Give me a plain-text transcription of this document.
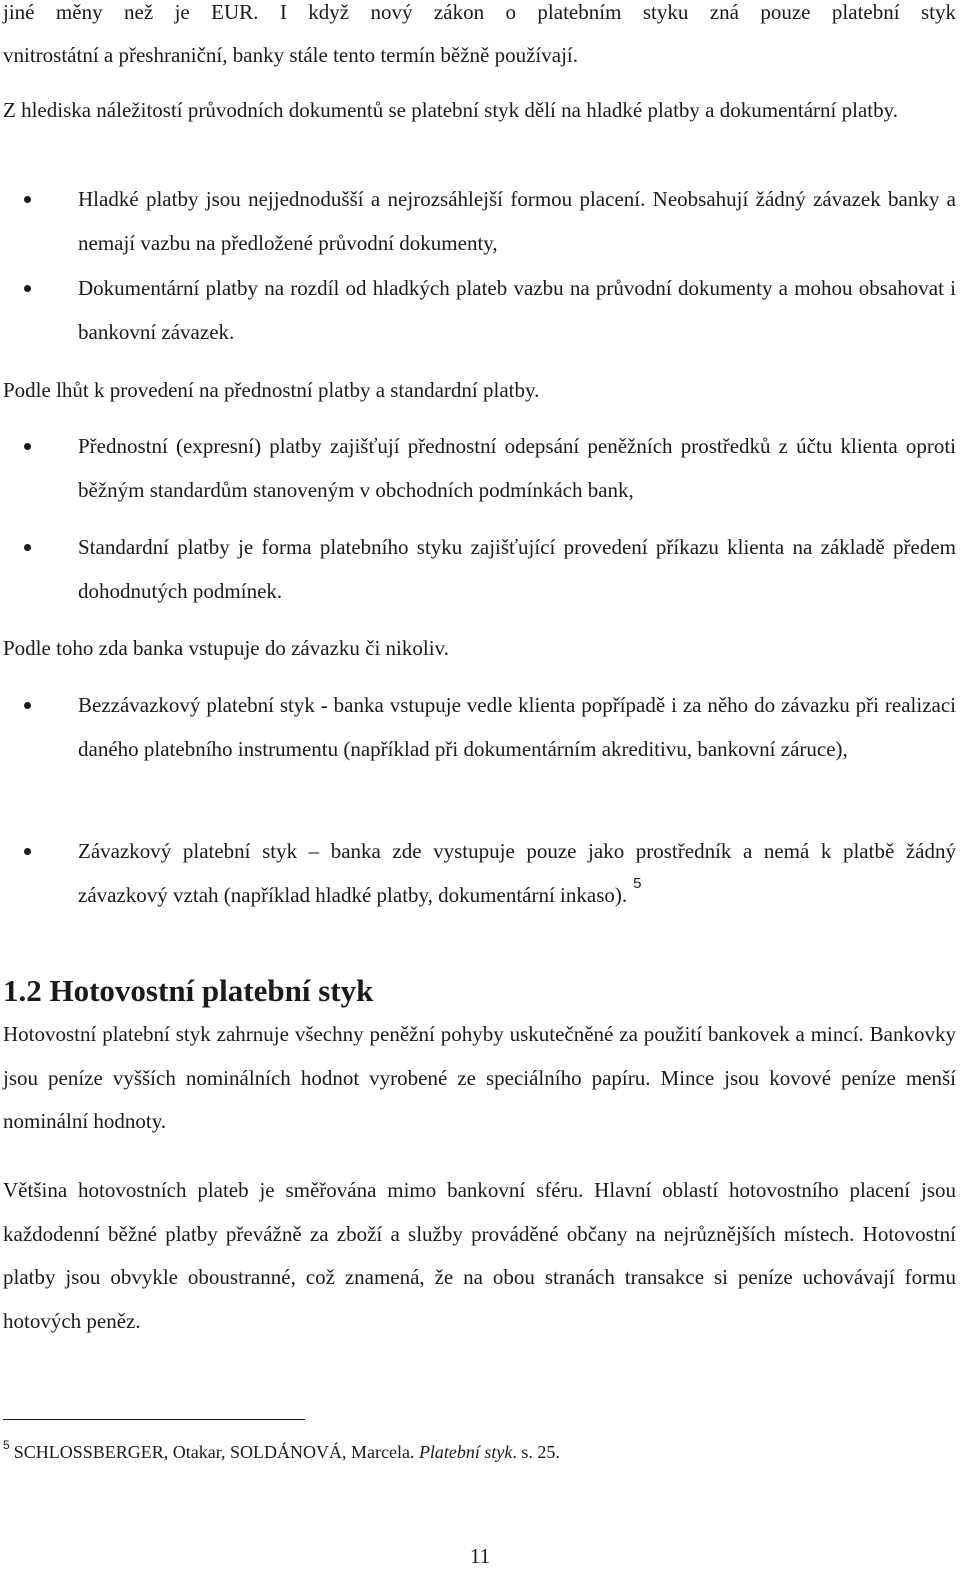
jiné měny než je EUR. I když nový zákon o platebním styku zná pouze platební styk

vnitrostátní a přeshraniční, banky stále tento termín běžně používají.

Z hlediska náležitostí průvodních dokumentů se platební styk dělí na hladké platby a dokumentární platby.

Hladké platby jsou nejjednodušší a nejrozsáhlejší formou placení. Neobsahují žádný závazek banky a nemají vazbu na předložené průvodní dokumenty,

Dokumentární platby na rozdíl od hladkých plateb vazbu na průvodní dokumenty a mohou obsahovat i bankovní závazek.

Podle lhůt k provedení na přednostní platby a standardní platby.

Přednostní (expresní) platby zajišťují přednostní odepsání peněžních prostředků z účtu klienta oproti běžným standardům stanoveným v obchodních podmínkách bank,

Standardní platby je forma platebního styku zajišťující provedení příkazu klienta na základě předem dohodnutých podmínek.

Podle toho zda banka vstupuje do závazku či nikoliv.

Bezzávazkový platební styk - banka vstupuje vedle klienta popřípadě i za něho do závazku při realizaci daného platebního instrumentu (například při dokumentárním akreditivu, bankovní záruce),

Závazkový platební styk – banka zde vystupuje pouze jako prostředník a nemá k platbě žádný závazkový vztah (například hladké platby, dokumentární inkaso). $^5$

1.2 Hotovostní platební styk

Hotovostní platební styk zahrnuje všechny peněžní pohyby uskutečněné za použití bankovek a mincí. Bankovky jsou peníze vyšších nominálních hodnot vyrobené ze speciálního papíru. Mince jsou kovové peníze menší nominální hodnoty.

Většina hotovostních plateb je směřována mimo bankovní sféru. Hlavní oblastí hotovostního placení jsou každodenní běžné platby převážně za zboží a služby prováděné občany na nejrůznějších místech. Hotovostní platby jsou obvykle oboustranné, což znamená, že na obou stranách transakce si peníze uchovávají formu hotových peněz.

$^5$ SCHLOSSBERGER, Otakar, SOLDÁNOVÁ, Marcela. Platební styk. s. 25.

11
